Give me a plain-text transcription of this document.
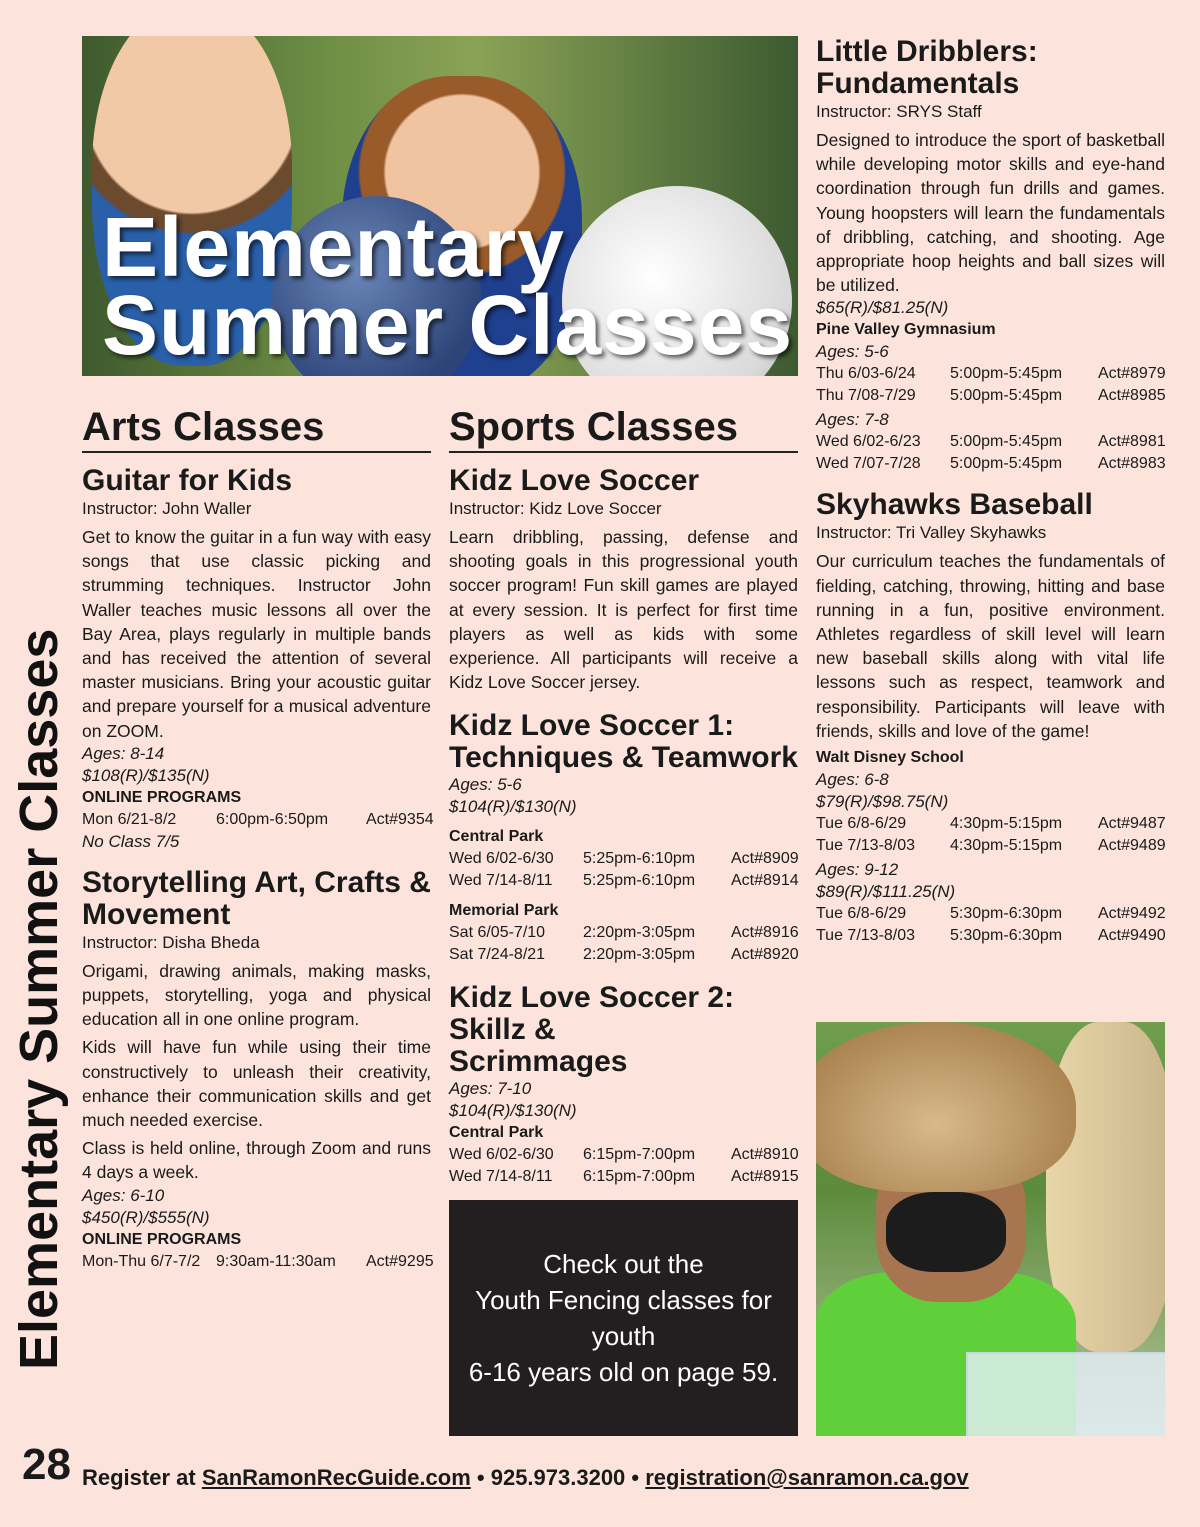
Elementary
Summer Classes
Elementary Summer Classes
Arts Classes
Guitar for Kids
Instructor: John Waller

Get to know the guitar in a fun way with easy songs that use classic picking and strumming techniques. Instructor John Waller teaches music lessons all over the Bay Area, plays regularly in multiple bands and has received the attention of several master musicians. Bring your acoustic guitar and prepare yourself for a musical adventure on ZOOM.

Ages: 8-14
$108(R)/$135(N)
ONLINE PROGRAMS
Mon 6/21-8/2	6:00pm-6:50pm	Act#9354
No Class 7/5
Storytelling Art, Crafts &
Movement
Instructor: Disha Bheda

Origami, drawing animals, making masks, puppets, storytelling, yoga and physical education all in one online program.

Kids will have fun while using their time constructively to unleash their creativity, enhance their communication skills and get much needed exercise.

Class is held online, through Zoom and runs 4 days a week.

Ages: 6-10
$450(R)/$555(N)
ONLINE PROGRAMS
Mon-Thu 6/7-7/2 9:30am-11:30am	Act#9295
Sports Classes
Kidz Love Soccer
Instructor: Kidz Love Soccer

Learn dribbling, passing, defense and shooting goals in this progressional youth soccer program! Fun skill games are played at every session. It is perfect for first time players as well as kids with some experience. All participants will receive a Kidz Love Soccer jersey.

Kidz Love Soccer 1:
Techniques & Teamwork
Ages: 5-6
$104(R)/$130(N)
Central Park
Wed 6/02-6/30	5:25pm-6:10pm	Act#8909
Wed 7/14-8/11	5:25pm-6:10pm	Act#8914
Memorial Park
Sat 6/05-7/10	2:20pm-3:05pm	Act#8916
Sat 7/24-8/21	2:20pm-3:05pm	Act#8920
Kidz Love Soccer 2: Skillz &
Scrimmages
Ages: 7-10
$104(R)/$130(N)
Central Park
Wed 6/02-6/30	6:15pm-7:00pm	Act#8910
Wed 7/14-8/11	6:15pm-7:00pm	Act#8915
Check out the
Youth Fencing classes for youth
6-16 years old on page 59.
Little Dribblers:
Fundamentals
Instructor: SRYS Staff

Designed to introduce the sport of basketball while developing motor skills and eye-hand coordination through fun drills and games. Young hoopsters will learn the fundamentals of dribbling, catching, and shooting. Age appropriate hoop heights and ball sizes will be utilized.

$65(R)/$81.25(N)
Pine Valley Gymnasium
Ages: 5-6
Thu 6/03-6/24	5:00pm-5:45pm	Act#8979
Thu 7/08-7/29	5:00pm-5:45pm	Act#8985
Ages: 7-8
Wed 6/02-6/23	5:00pm-5:45pm	Act#8981
Wed 7/07-7/28	5:00pm-5:45pm	Act#8983
Skyhawks Baseball
Instructor: Tri Valley Skyhawks

Our curriculum teaches the fundamentals of fielding, catching, throwing, hitting and base running in a fun, positive environment. Athletes regardless of skill level will learn new baseball skills along with vital life lessons such as respect, teamwork and responsibility. Participants will leave with friends, skills and love of the game!

Walt Disney School
Ages: 6-8
$79(R)/$98.75(N)
Tue 6/8-6/29	4:30pm-5:15pm	Act#9487
Tue 7/13-8/03	4:30pm-5:15pm	Act#9489
Ages: 9-12
$89(R)/$111.25(N)
Tue 6/8-6/29	5:30pm-6:30pm	Act#9492
Tue 7/13-8/03	5:30pm-6:30pm	Act#9490
28 Register at SanRamonRecGuide.com • 925.973.3200 • registration@sanramon.ca.gov
